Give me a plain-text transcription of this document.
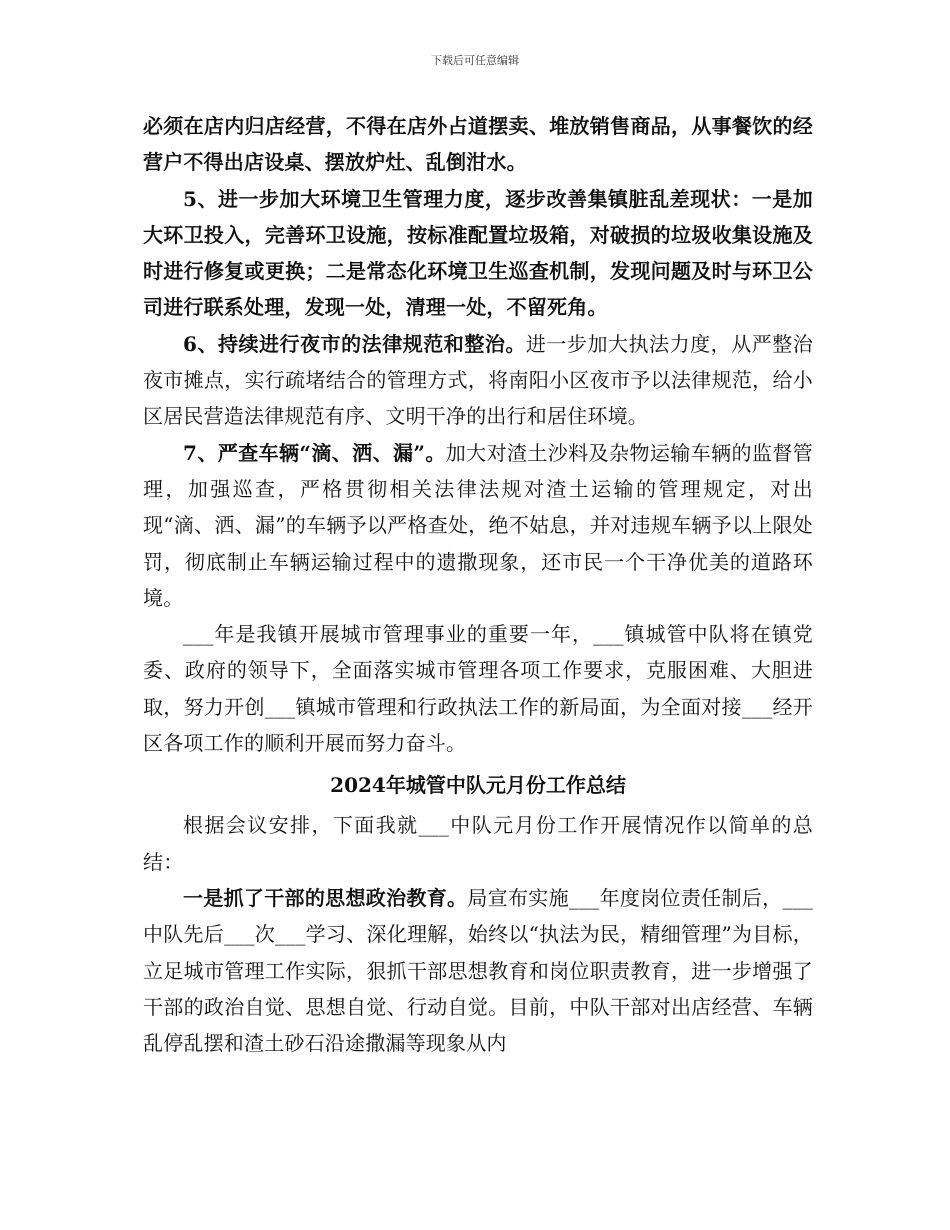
下载后可任意编辑

必须在店内归店经营，不得在店外占道摆卖、堆放销售商品，从事餐饮的经营户不得出店设桌、摆放炉灶、乱倒泔水。

5、进一步加大环境卫生管理力度，逐步改善集镇脏乱差现状：一是加大环卫投入，完善环卫设施，按标准配置垃圾箱，对破损的垃圾收集设施及时进行修复或更换；二是常态化环境卫生巡查机制，发现问题及时与环卫公司进行联系处理，发现一处，清理一处，不留死角。

6、持续进行夜市的法律规范和整治。进一步加大执法力度，从严整治夜市摊点，实行疏堵结合的管理方式，将南阳小区夜市予以法律规范，给小区居民营造法律规范有序、文明干净的出行和居住环境。

7、严查车辆“滴、洒、漏”。加大对渣土沙料及杂物运输车辆的监督管理，加强巡查，严格贯彻相关法律法规对渣土运输的管理规定，对出现“滴、洒、漏”的车辆予以严格查处，绝不姑息，并对违规车辆予以上限处罚，彻底制止车辆运输过程中的遗撒现象，还市民一个干净优美的道路环境。

___年是我镇开展城市管理事业的重要一年，___镇城管中队将在镇党委、政府的领导下，全面落实城市管理各项工作要求，克服困难、大胆进取，努力开创___镇城市管理和行政执法工作的新局面，为全面对接___经开区各项工作的顺利开展而努力奋斗。

2024年城管中队元月份工作总结

根据会议安排，下面我就___中队元月份工作开展情况作以简单的总结：

一是抓了干部的思想政治教育。局宣布实施___年度岗位责任制后，___中队先后___次___学习、深化理解，始终以“执法为民，精细管理”为目标，立足城市管理工作实际，狠抓干部思想教育和岗位职责教育，进一步增强了干部的政治自觉、思想自觉、行动自觉。目前，中队干部对出店经营、车辆乱停乱摆和渣土砂石沿途撒漏等现象从内
